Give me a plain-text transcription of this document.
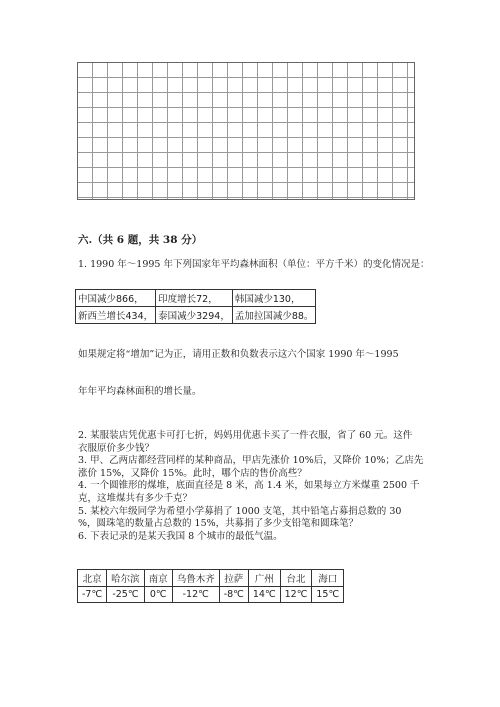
六.（共 6 题，共 38 分）
1. 1990 年～1995 年下列国家年平均森林面积（单位：平方千米）的变化情况是：
中国减少866，	印度增长72，	韩国减少130，
新西兰增长434，	泰国减少3294，	孟加拉国减少88。
如果规定将“增加”记为正，请用正数和负数表示这六个国家 1990 年～1995
年年平均森林面积的增长量。
2. 某服装店凭优惠卡可打七折，妈妈用优惠卡买了一件衣服，省了 60 元。这件
衣服原价多少钱？
3. 甲、乙两店都经营同样的某种商品，甲店先涨价 10%后，又降价 10%；乙店先
涨价 15%，又降价 15%。此时，哪个店的售价高些？
4. 一个圆锥形的煤堆，底面直径是 8 米，高 1.4 米，如果每立方米煤重 2500 千
克，这堆煤共有多少千克？
5. 某校六年级同学为希望小学募捐了 1000 支笔，其中铅笔占募捐总数的 30
%，圆珠笔的数量占总数的 15%，共募捐了多少支铅笔和圆珠笔？
6. 下表记录的是某天我国 8 个城市的最低气温。
北京	哈尔滨	南京	乌鲁木齐	拉萨	广州	台北	海口
-7℃	-25℃	0℃	-12℃	-8℃	14℃	12℃	15℃
